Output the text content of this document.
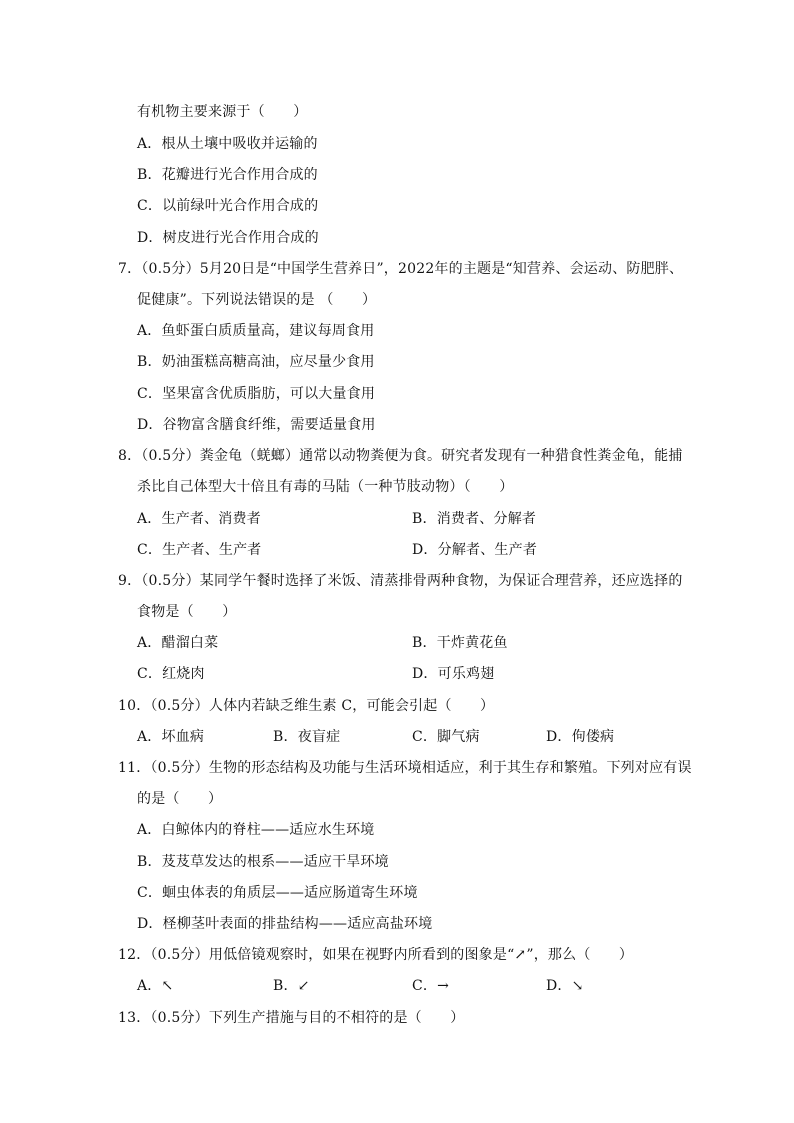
有机物主要来源于（　　）
A．根从土壤中吸收并运输的
B．花瓣进行光合作用合成的
C．以前绿叶光合作用合成的
D．树皮进行光合作用合成的
7．（0.5分）5月20日是“中国学生营养日”，2022年的主题是“知营养、会运动、防肥胖、
促健康”。下列说法错误的是 （　　）
A．鱼虾蛋白质质量高，建议每周食用
B．奶油蛋糕高糖高油，应尽量少食用
C．坚果富含优质脂肪，可以大量食用
D．谷物富含膳食纤维，需要适量食用
8．（0.5分）粪金龟（蜣螂）通常以动物粪便为食。研究者发现有一种猎食性粪金龟，能捕
杀比自己体型大十倍且有毒的马陆（一种节肢动物）（　　）
A．生产者、消费者	B．消费者、分解者
C．生产者、生产者	D．分解者、生产者
9．（0.5分）某同学午餐时选择了米饭、清蒸排骨两种食物，为保证合理营养，还应选择的
食物是（　　）
A．醋溜白菜	B．干炸黄花鱼
C．红烧肉	D．可乐鸡翅
10．（0.5分）人体内若缺乏维生素 C，可能会引起（　　）
A．坏血病	B．夜盲症	C．脚气病	D．佝偻病
11．（0.5分）生物的形态结构及功能与生活环境相适应，利于其生存和繁殖。下列对应有误
的是（　　）
A．白鲸体内的脊柱——适应水生环境
B．芨芨草发达的根系——适应干旱环境
C．蛔虫体表的角质层——适应肠道寄生环境
D．柽柳茎叶表面的排盐结构——适应高盐环境
12．（0.5分）用低倍镜观察时，如果在视野内所看到的图象是“↗”，那么（　　）
A．↖	B．↙	C．→	D．↘
13．（0.5分）下列生产措施与目的不相符的是（　　）
